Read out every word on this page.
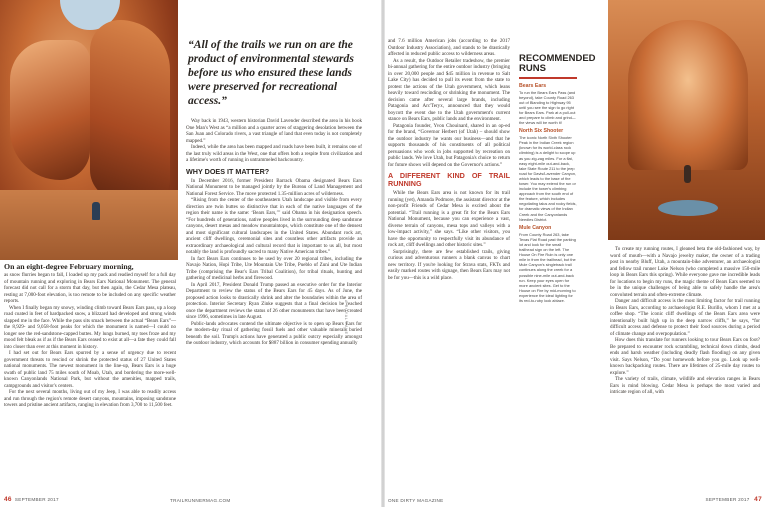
“All of the trails we run on are the product of environmental stewards before us who ensured these lands were preserved for recreational access.”
On an eight-degree February morning,

as snow flurries began to fall, I loaded up my pack and readied myself for a full day of mountain running and exploring in Bears Ears National Monument. The general forecast did not call for a storm that day, but then again, the Cedar Mesa plateau, resting at 7,000-foot elevation, is too remote to be included on any specific weather reports.

When I finally began my snowy, winding climb toward Bears Ears pass, up a loop road coated in feet of hardpacked snow, a blizzard had developed and strong winds slapped me in the face. While the pass sits smack between the actual “Bears Ears”—the 8,929- and 9,058-foot peaks for which the monument is named—I could no longer see the red-sandstone-capped buttes. My lungs burned, my toes froze and my mood felt bleak as if as if the Bears Ears ceased to exist at all—a fate they could fall into closer than ever at this moment in history.

I had set out for Bears Ears spurred by a sense of urgency due to recent government threats to rescind or shrink the protected status of 27 United States national monuments. The newest monument in the line-up, Bears Ears is a huge swath of public land 75 miles south of Moab, Utah, and bordering the more-well-known Canyonlands National Park, but without the amenities, mapped trails, campgrounds and visitor's centers.

For the next several months, living out of my Jeep, I was able to readily access and run through the region's remote desert canyons, mountains, imposing sandstone towers and pristine ancient artifacts, ranging in elevation from 3,700 to 11,500 feet.

Way back in 1943, western historian David Lavender described the area in his book One Man's West as “a million and a quarter acres of staggering desolation between the San Juan and Colorado rivers, a vast triangle of land that even today is not completely mapped.”

Indeed, while the area has been mapped and roads have been built, it remains one of the last truly wild areas in the West, one that offers both a respite from civilization and a lifetime's worth of running in untrammeled backcountry.

WHY DOES IT MATTER?

In December 2016, former President Barrack Obama designated Bears Ears National Monument to be managed jointly by the Bureau of Land Management and National Forest Service. The move protected 1.35-million acres of wilderness.

“Rising from the center of the southeastern Utah landscape and visible from every direction are twin buttes so distinctive that in each of the native languages of the region their name is the same: ‘Bears Ears,’” said Obama in his designation speech. “For hundreds of generations, native peoples lived in the surrounding deep sandstone canyons, desert mesas and meadow mountaintops, which constitute one of the densest and most significant cultural landscapes in the United States. Abundant rock art, ancient cliff dwellings, ceremonial sites and countless other artifacts provide an extraordinary archaeological and cultural record that is important to us all, but most notably the land is profoundly sacred to many Native American tribes.”

In fact Bears Ears continues to be used by over 20 regional tribes, including the Navajo Nation, Hopi Tribe, Ute Mountain Ute Tribe, Pueblo of Zuni and Ute Indian Tribe (comprising the Bear's Ears Tribal Coalition), for tribal rituals, hunting and gathering of medicinal herbs and firewood.

In April 2017, President Donald Trump passed an executive order for the Interior Department to review the status of the Bears Ears for 45 days. As of June, the proposed action looks to drastically shrink and alter the boundaries within the area of protection. Interior Secretary Ryan Zinke suggests that a final decision be reached once the department reviews the status of 26 other monuments that have been created since 1996, sometimes in late August.

Public-lands advocates contend the ultimate objective is to open up Bears Ears for the modern-day ritual of gathering fossil fuels and other valuable minerals buried beneath the soil. Trump's actions have generated a public outcry especially amongst the outdoor industry, which accounts for $887 billion in consumer spending annually

A ROYAL LAKE
46 SEPTEMBER 2017	TRAILRUNNERMAG.COM

and 7.6 million American jobs (according to the 2017 Outdoor Industry Association), and stands to be drastically affected in reduced public access to wilderness areas.

As a result, the Outdoor Retailer tradeshow, the premier bi-annual gathering for the entire outdoor industry (bringing in over 20,000 people and $45 million in revenue to Salt Lake City) has decided to pull its event from the state to protest the actions of the Utah government, which leans heavily toward rescinding or shrinking the monument. The decision came after several large brands, including Patagonia and Arc'Teryx, announced that they would boycott the event due to the Utah government's current stance on Bears Ears, public lands and the environment.

Patagonia founder, Yvon Chouinard, shared in an op-ed for the brand, “Governor Herbert (of Utah) – should show the outdoor industry he wants our business—and that he supports thousands of his constituents of all political persuasions who work in jobs supported by recreation on public lands. We love Utah, but Patagonia's choice to return for future shows will depend on the Governor's actions.”

A DIFFERENT KIND OF TRAIL RUNNING

While the Bears Ears area is not known for its trail running (yet), Amanda Podmore, the assistant director at the non-profit Friends of Cedar Mesa is excited about the potential. “Trail running is a great fit for the Bears Ears National Monument, because you can experience a vast, diverse terrain of canyons, mesa tops and valleys with a low-impact activity,” she says. “Like other visitors, you have the opportunity to respectfully visit its abundance of rock art, cliff dwellings and other historic sites.”

Surprisingly, there are few established trails, giving curious and adventurous runners a blank canvas to chart new territory. If you're looking for Strava stats, FKTs and easily marked routes with signage, then Bears Ears may not be for you—this is a wild place.

RECOMMENDED RUNS
Bears Ears

To run the Bears Ears Pass (and beyond), take County Road 263 out of Blanding to Highway 95 until you see the sign to go right for Bears Ears. Park at a pull-out and prepare to climb and grind—the views will be worth it!

North Six Shooter

The iconic North Sixth Shooter Peak in the Indian Creek region (known for its world-class rock climbing) is a delight to scope up as you zig-zag miles. For a flat, easy eight-mile out-and-back, take State Route 211 to the jeep road for Davis/Lavender Canyon, which leads to the base of the tower. You may extend the run or include the tower's climbing approach from the south end of the feature, which includes negotiating talus and rocky fields, for dramatic views of the Indian Creek and the Canyonlands Needles District.

Mule Canyon

From County Road 263, take Texas Flat Road past the parking lot and look for the small trailhead sign on the left. The House On Fire Ruin is only one mile in from the trailhead, but the Mule Canyon's singletrack trail continues along the creek for a possible nine-mile out-and-back run. Keep your eyes open for more ancient sites. Get to the House on Fire by mid-morning to experience the ideal lighting for its red-to-ruby look ablaze.

To create my running routes, I gleaned beta the old-fashioned way, by word of mouth—with a Navajo jewelry maker, the owner of a trading post in nearby Bluff, Utah, a mountain-bike adventurer, an archaeologist and fellow trail runner Luke Nelson (who completed a massive 150-mile loop in Bears Ears this spring). While everyone gave me incredible leads for locations to begin my runs, the magic theme of Bears Ears seemed to be in the unique challenges of being able to safely handle the area's convoluted terrain and often-extreme climate.

Danger and difficult access is the most limiting factor for trail running in Bears Ears, according to archaeologist R.E. Burillo, whom I met at a coffee shop. “The iconic cliff dwellings of the Bears Ears area were intentionally built high up in the deep narrow cliffs,” he says, “for difficult access and defense to protect their food sources during a period of climate change and overpopulation.”

How does this translate for runners looking to tour Bears Ears on foot? Be prepared to encounter rock scrambling, technical down climbs, dead ends and harsh weather (including deadly flash flooding) on any given visit. Says Nelson, “Do your homework before you go. Look up well-known backpacking routes. There are lifetimes of 25-mile day routes to explore.”

The variety of trails, climate, wildlife and elevation ranges in Bears Ears is mind blowing. Cedar Mesa is perhaps the most varied and intricate region of all, with

ONE DIRTY MAGAZINE	SEPTEMBER 2017 47
